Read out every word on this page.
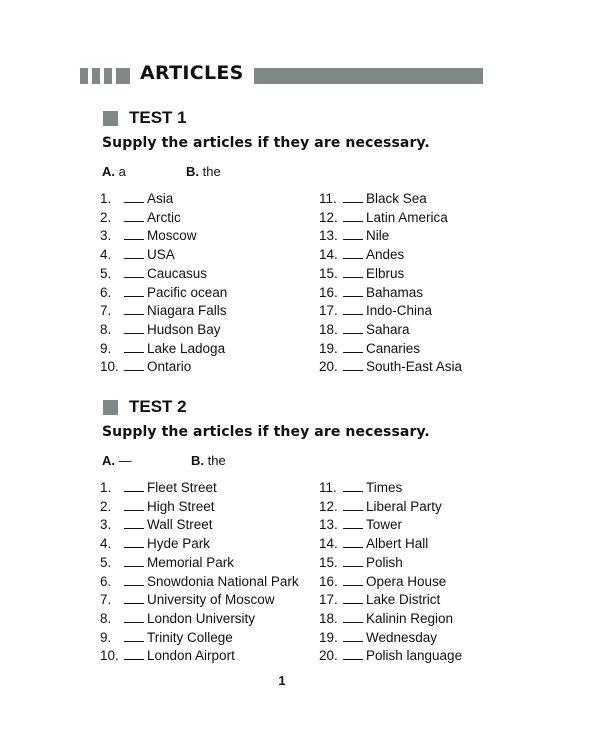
ARTICLES
TEST 1
Supply the articles if they are necessary.
A. a	B. the
1.	Asia
2.	Arctic
3.	Moscow
4.	USA
5.	Caucasus
6.	Pacific ocean
7.	Niagara Falls
8.	Hudson Bay
9.	Lake Ladoga
10. Ontario
11. Black Sea
12. Latin America
13. Nile
14. Andes
15. Elbrus
16. Bahamas
17. Indo-China
18. Sahara
19. Canaries
20. South-East Asia
TEST 2
Supply the articles if they are necessary.
A. —	B. the
1.	Fleet Street
2.	High Street
3.	Wall Street
4.	Hyde Park
5.	Memorial Park
6.	Snowdonia National Park
7.	University of Moscow
8.	London University
9.	Trinity College
10. London Airport
11. Times
12. Liberal Party
13. Tower
14. Albert Hall
15. Polish
16. Opera House
17. Lake District
18. Kalinin Region
19. Wednesday
20. Polish language
1
